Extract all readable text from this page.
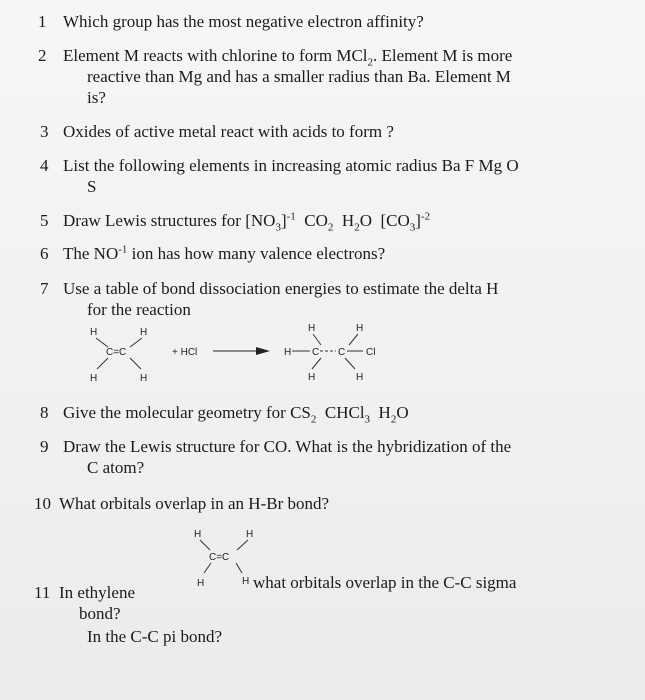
1 Which group has the most negative electron affinity?
2 Element M reacts with chlorine to form MCl$_2$. Element M is more
reactive than Mg and has a smaller radius than Ba. Element M
is?
3 Oxides of active metal react with acids to form ?
4 List the following elements in increasing atomic radius Ba F Mg O
S
5 Draw Lewis structures for $[NO_3]^{-1}$ $CO_2$ $H_2O$ $[CO_3]^{-2}$
6 The $NO^{-1}$ ion has how many valence electrons?
7 Use a table of bond dissociation energies to estimate the delta H
for the reaction
H	H
C=C
H	H
+ HCl
H	H
H C C Cl
H	H
8 Give the molecular geometry for $CS_2$ CHCl$_3$ $H_2O$
9 Draw the Lewis structure for CO. What is the hybridization of the
C atom?
10 What orbitals overlap in an H-Br bond?
H	H
C=C
H	H
11 In ethylene
what orbitals overlap in the C-C sigma
bond?
In the C-C pi bond?
